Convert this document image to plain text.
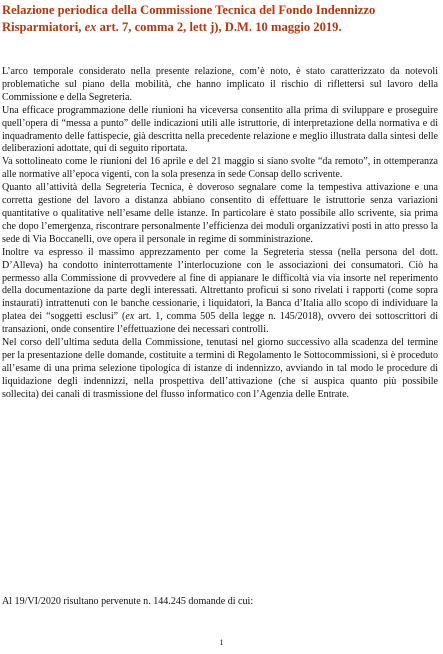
Relazione periodica della Commissione Tecnica del Fondo Indennizzo Risparmiatori, ex art. 7, comma 2, lett j), D.M. 10 maggio 2019.

L’arco temporale considerato nella presente relazione, com’è noto, è stato caratterizzato da notevoli problematiche sul piano della mobilità, che hanno implicato il rischio di riflettersi sul lavoro della Commissione e della Segreteria.

Una efficace programmazione delle riunioni ha viceversa consentito alla prima di sviluppare e proseguire quell’opera di “messa a punto” delle indicazioni utili alle istruttorie, di interpretazione della normativa e di inquadramento delle fattispecie, già descritta nella precedente relazione e meglio illustrata dalla sintesi delle deliberazioni adottate, qui di seguito riportata.

Va sottolineato come le riunioni del 16 aprile e del 21 maggio si siano svolte “da remoto”, in ottemperanza alle normative all’epoca vigenti, con la sola presenza in sede Consap dello scrivente.

Quanto all’attività della Segreteria Tecnica, è doveroso segnalare come la tempestiva attivazione e una corretta gestione del lavoro a distanza abbiano consentito di effettuare le istruttorie senza variazioni quantitative o qualitative nell’esame delle istanze. In particolare è stato possibile allo scrivente, sia prima che dopo l’emergenza, riscontrare personalmente l’efficienza dei moduli organizzativi posti in atto presso la sede di Via Boccanelli, ove opera il personale in regime di somministrazione.

Inoltre va espresso il massimo apprezzamento per come la Segreteria stessa (nella persona del dott. D’Alleva) ha condotto ininterrottamente l’interlocuzione con le associazioni dei consumatori. Ciò ha permesso alla Commissione di provvedere al fine di appianare le difficoltà via via insorte nel reperimento della documentazione da parte degli interessati. Altrettanto proficui si sono rivelati i rapporti (come sopra instaurati) intrattenuti con le banche cessionarie, i liquidatori, la Banca d’Italia allo scopo di individuare la platea dei “soggetti esclusi” (ex art. 1, comma 505 della legge n. 145/2018), ovvero dei sottoscrittori di transazioni, onde consentire l’effettuazione dei necessari controlli.

Nel corso dell’ultima seduta della Commissione, tenutasi nel giorno successivo alla scadenza del termine per la presentazione delle domande, costituite a termini di Regolamento le Sottocommissioni, si è proceduto all’esame di una prima selezione tipologica di istanze di indennizzo, avviando in tal modo le procedure di liquidazione degli indennizzi, nella prospettiva dell’attivazione (che si auspica quanto più possibile sollecita) dei canali di trasmissione del flusso informatico con l’Agenzia delle Entrate.

Al 19/VI/2020 risultano pervenute n. 144.245 domande di cui:

1
